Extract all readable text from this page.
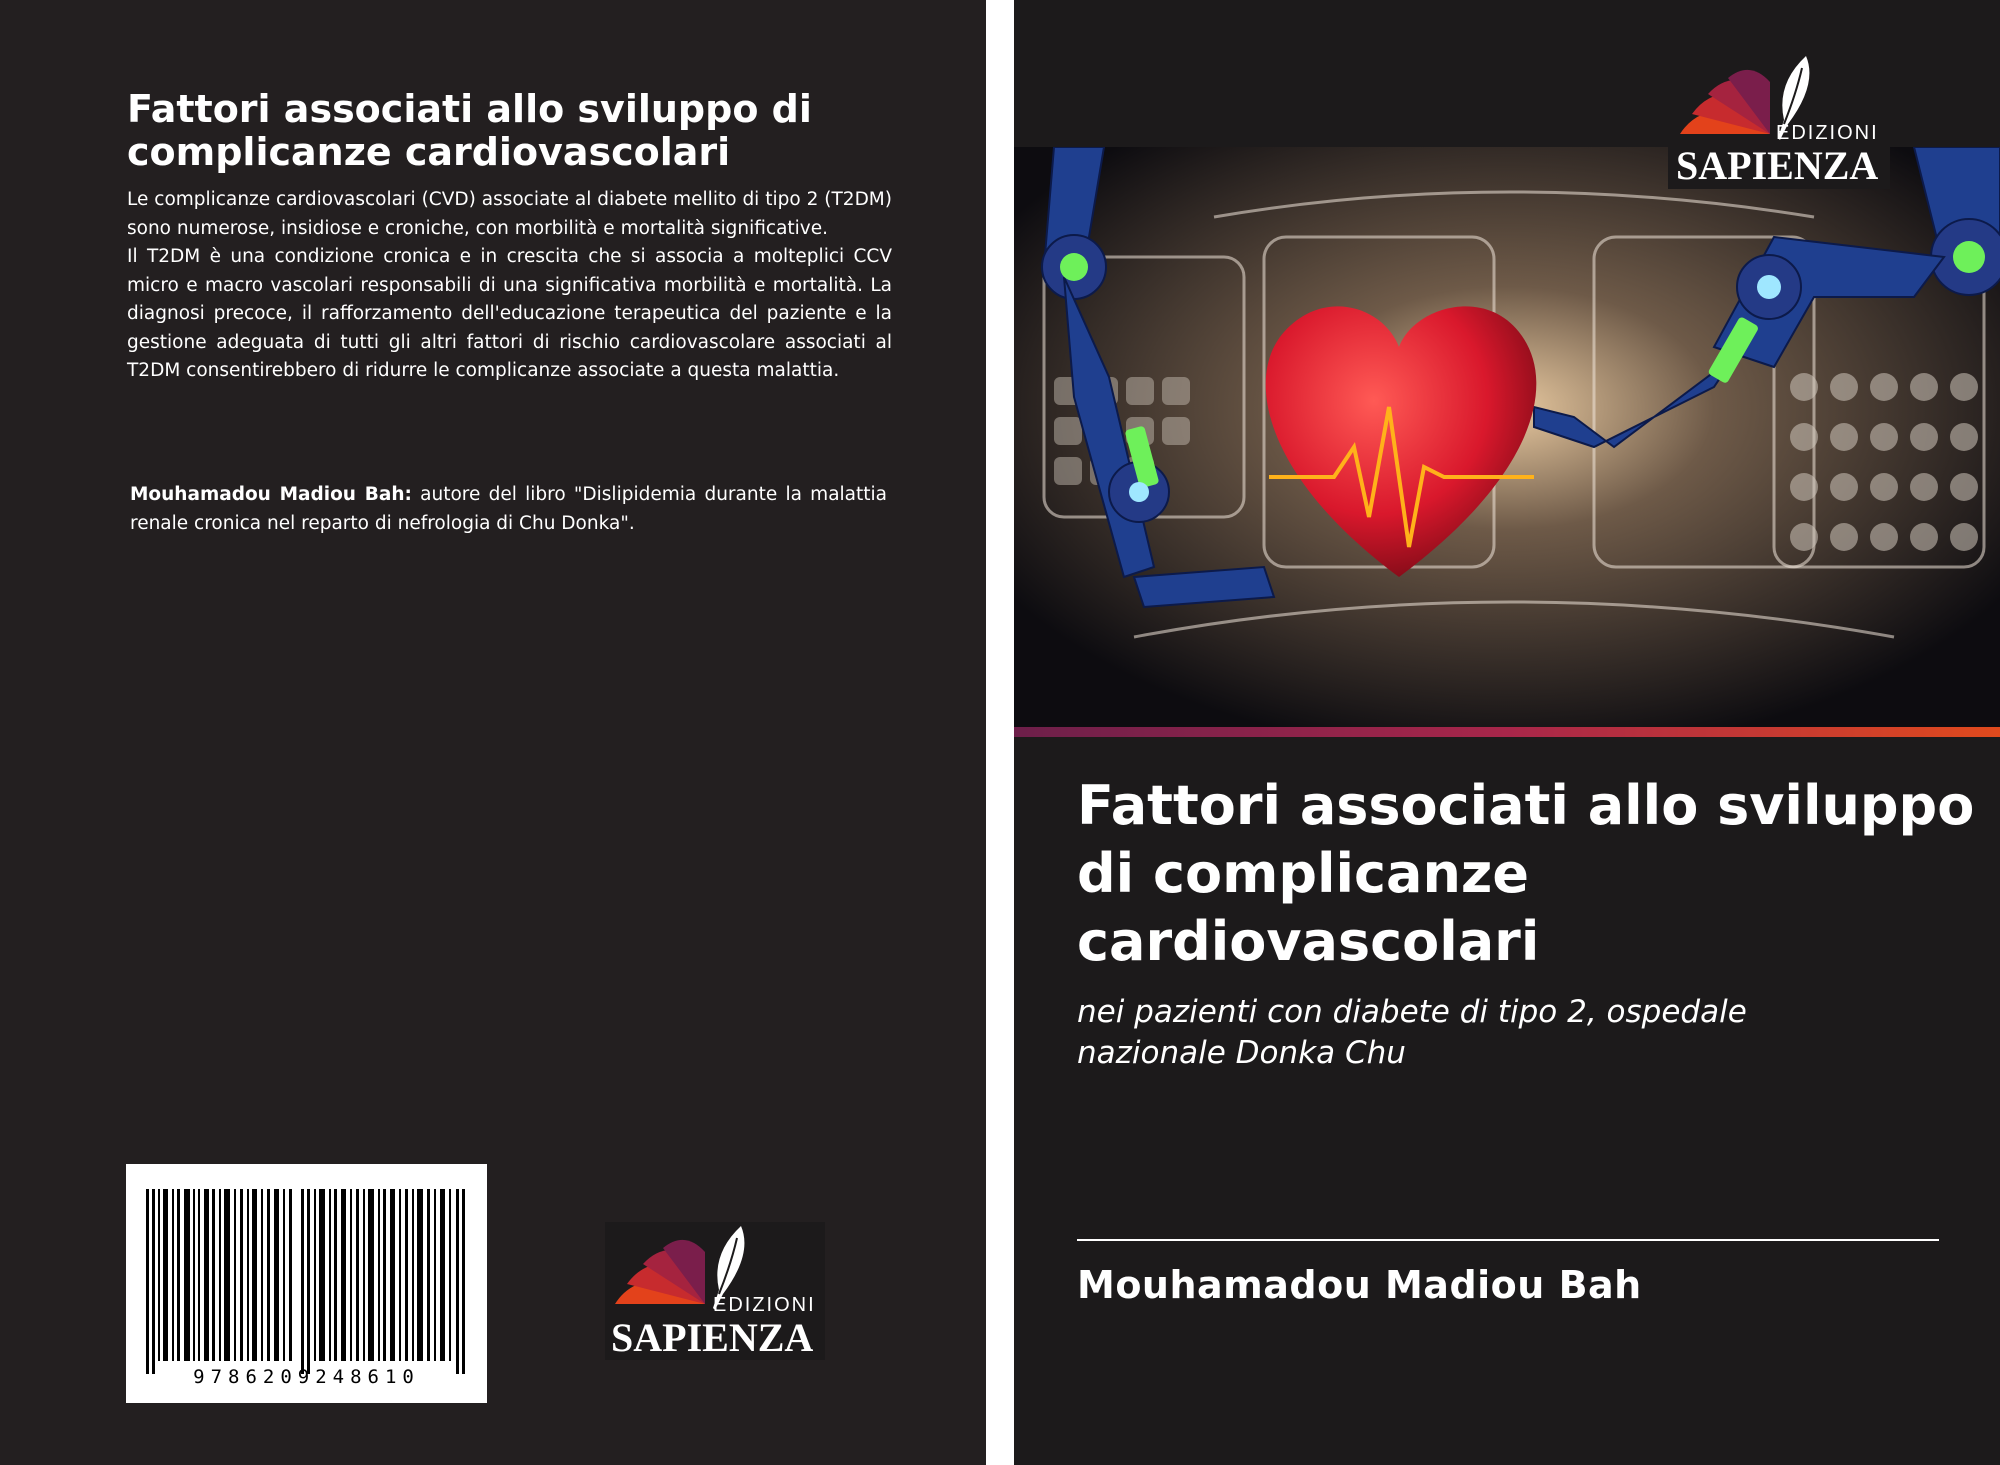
Fattori associati allo sviluppo di complicanze cardiovascolari

Le complicanze cardiovascolari (CVD) associate al diabete mellito di tipo 2 (T2DM) sono numerose, insidiose e croniche, con morbilità e mortalità significative.

Il T2DM è una condizione cronica e in crescita che si associa a molteplici CCV micro e macro vascolari responsabili di una significativa morbilità e mortalità. La diagnosi precoce, il rafforzamento dell'educazione terapeutica del paziente e la gestione adeguata di tutti gli altri fattori di rischio cardiovascolare associati al T2DM consentirebbero di ridurre le complicanze associate a questa malattia.

Mouhamadou Madiou Bah: autore del libro "Dislipidemia durante la malattia renale cronica nel reparto di nefrologia di Chu Donka".
9786209248610
EDIZIONI
SAPIENZA
EDIZIONI
SAPIENZA
Fattori associati allo sviluppo di complicanze cardiovascolari
nei pazienti con diabete di tipo 2, ospedale nazionale Donka Chu
Mouhamadou Madiou Bah
